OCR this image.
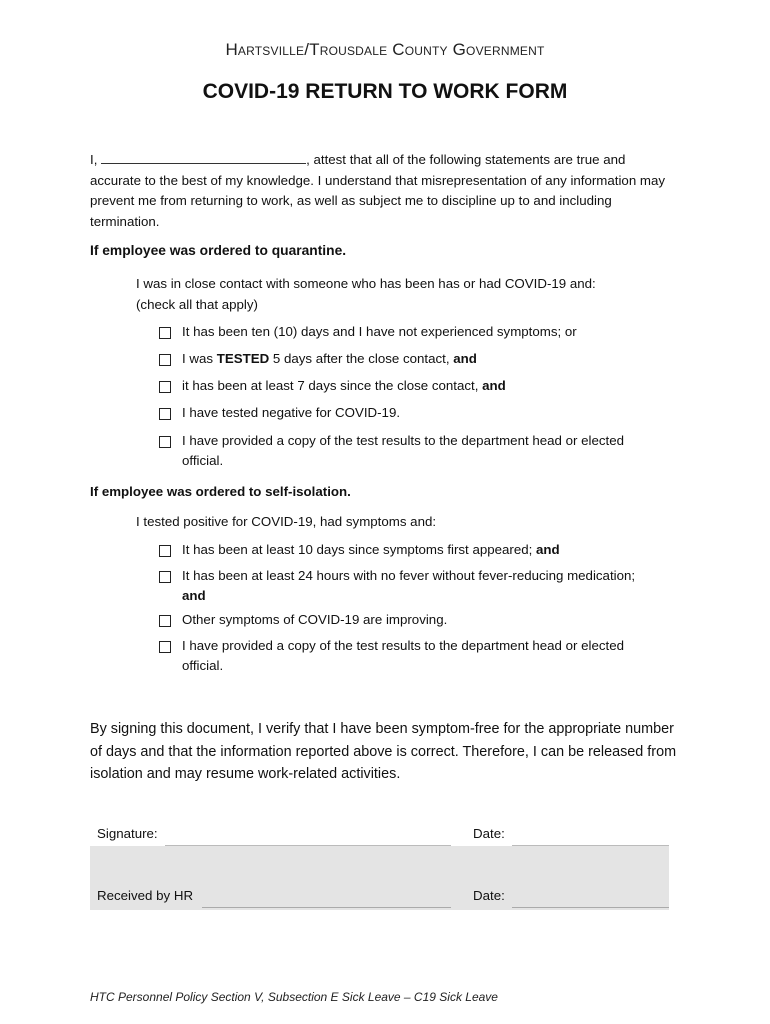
Hartsville/Trousdale County Government
COVID-19 RETURN TO WORK FORM
I,	, attest that all of the following statements are true and accurate to the best of my knowledge. I understand that misrepresentation of any information may prevent me from returning to work, as well as subject me to discipline up to and including termination.
If employee was ordered to quarantine.
I was in close contact with someone who has been has or had COVID-19 and:
(check all that apply)
It has been ten (10) days and I have not experienced symptoms; or
I was TESTED 5 days after the close contact, and
it has been at least 7 days since the close contact, and
I have tested negative for COVID-19.
I have provided a copy of the test results to the department head or elected official.
If employee was ordered to self-isolation.
I tested positive for COVID-19, had symptoms and:
It has been at least 10 days since symptoms first appeared; and
It has been at least 24 hours with no fever without fever-reducing medication; and
Other symptoms of COVID-19 are improving.
I have provided a copy of the test results to the department head or elected official.
By signing this document, I verify that I have been symptom-free for the appropriate number of days and that the information reported above is correct. Therefore, I can be released from isolation and may resume work-related activities.
Signature:	Date:
Received by HR	Date:
HTC Personnel Policy Section V, Subsection E Sick Leave – C19 Sick Leave
